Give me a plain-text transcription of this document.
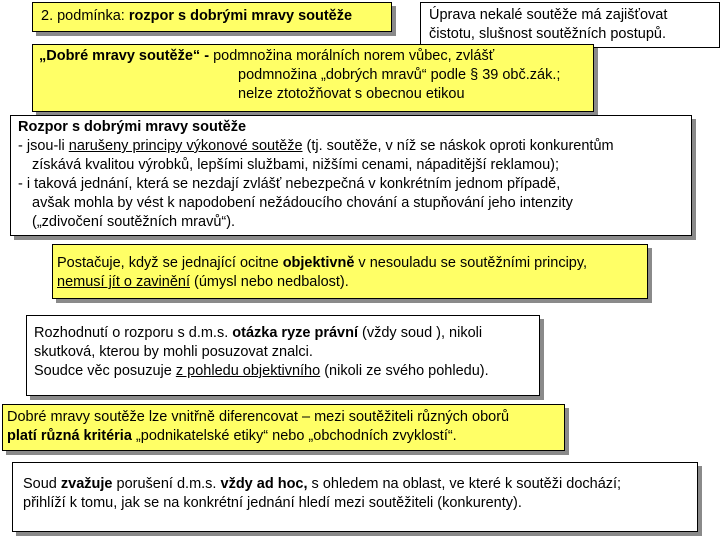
2. podmínka: rozpor s dobrými mravy soutěže	Úprava nekalé soutěže má zajišťovat čistotu, slušnost soutěžních postupů.
„Dobré mravy soutěže“ - podmnožina morálních norem vůbec, zvlášť
podmnožina „dobrých mravů“ podle § 39 obč.zák.;
nelze ztotožňovat s obecnou etikou
Rozpor s dobrými mravy soutěže
- jsou-li narušeny principy výkonové soutěže (tj. soutěže, v níž se náskok oproti konkurentům
získává kvalitou výrobků, lepšími službami, nižšími cenami, nápaditější reklamou);
- i taková jednání, která se nezdají zvlášť nebezpečná v konkrétním jednom případě,
avšak mohla by vést k napodobení nežádoucího chování a stupňování jeho intenzity
(„zdivočení soutěžních mravů“).
Postačuje, když se jednající ocitne objektivně v nesouladu se soutěžními principy,
nemusí jít o zavinění (úmysl nebo nedbalost).
Rozhodnutí o rozporu s d.m.s. otázka ryze právní (vždy soud ), nikoli
skutková, kterou by mohli posuzovat znalci.
Soudce věc posuzuje z pohledu objektivního (nikoli ze svého pohledu).
Dobré mravy soutěže lze vnitřně diferencovat – mezi soutěžiteli různých oborů
platí různá kritéria „podnikatelské etiky“ nebo „obchodních zvyklostí“.
Soud zvažuje porušení d.m.s. vždy ad hoc, s ohledem na oblast, ve které k soutěži dochází;
přihlíží k tomu, jak se na konkrétní jednání hledí mezi soutěžiteli (konkurenty).
